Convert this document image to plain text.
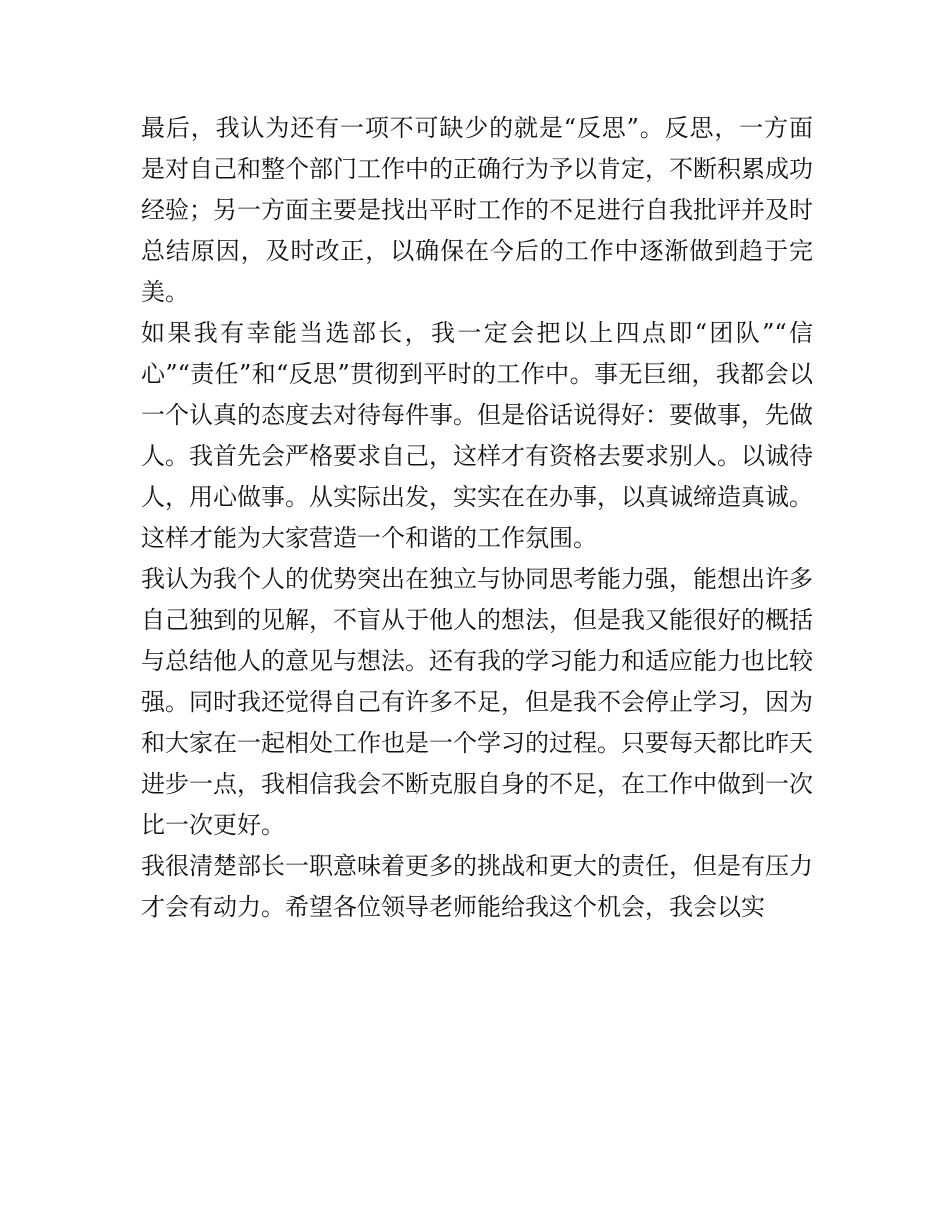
最后，我认为还有一项不可缺少的就是“反思”。反思，一方面是对自己和整个部门工作中的正确行为予以肯定，不断积累成功经验；另一方面主要是找出平时工作的不足进行自我批评并及时总结原因，及时改正，以确保在今后的工作中逐渐做到趋于完美。

如果我有幸能当选部长，我一定会把以上四点即“团队”“信心”“责任”和“反思”贯彻到平时的工作中。事无巨细，我都会以一个认真的态度去对待每件事。但是俗话说得好：要做事，先做人。我首先会严格要求自己，这样才有资格去要求别人。以诚待人，用心做事。从实际出发，实实在在办事，以真诚缔造真诚。这样才能为大家营造一个和谐的工作氛围。

我认为我个人的优势突出在独立与协同思考能力强，能想出许多自己独到的见解，不盲从于他人的想法，但是我又能很好的概括与总结他人的意见与想法。还有我的学习能力和适应能力也比较强。同时我还觉得自己有许多不足，但是我不会停止学习，因为和大家在一起相处工作也是一个学习的过程。只要每天都比昨天进步一点，我相信我会不断克服自身的不足，在工作中做到一次比一次更好。

我很清楚部长一职意味着更多的挑战和更大的责任，但是有压力才会有动力。希望各位领导老师能给我这个机会，我会以实
